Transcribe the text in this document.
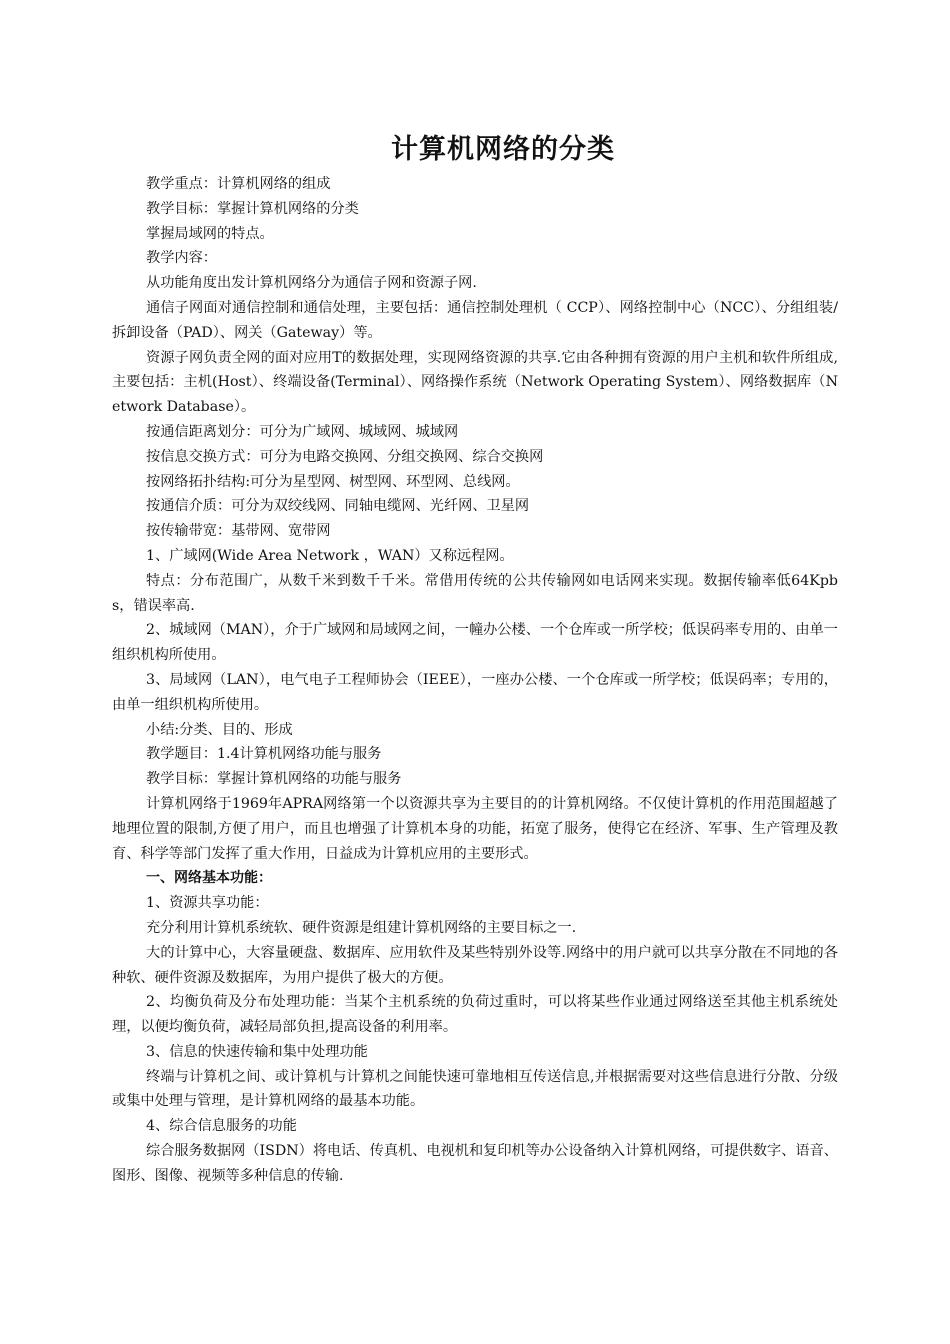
计算机网络的分类

教学重点：计算机网络的组成

教学目标：掌握计算机网络的分类

掌握局域网的特点。

教学内容：

从功能角度出发计算机网络分为通信子网和资源子网.

通信子网面对通信控制和通信处理，主要包括：通信控制处理机（ CCP）、网络控制中心（NCC）、分组组装/拆卸设备（PAD）、网关（Gateway）等。

资源子网负责全网的面对应用T的数据处理，实现网络资源的共享.它由各种拥有资源的用户主机和软件所组成,主要包括：主机(Host）、终端设备(Terminal）、网络操作系统（Network Operating System）、网络数据库（Network Database）。

按通信距离划分：可分为广域网、城域网、城域网

按信息交换方式：可分为电路交换网、分组交换网、综合交换网

按网络拓扑结构:可分为星型网、树型网、环型网、总线网。

按通信介质：可分为双绞线网、同轴电缆网、光纤网、卫星网

按传输带宽：基带网、宽带网

1、广域网(Wide Area Network ，WAN）又称远程网。

特点：分布范围广，从数千米到数千千米。常借用传统的公共传输网如电话网来实现。数据传输率低64Kpbs，错误率高.

2、城域网（MAN），介于广域网和局域网之间，一幢办公楼、一个仓库或一所学校；低误码率专用的、由单一组织机构所使用。

3、局域网（LAN），电气电子工程师协会（IEEE），一座办公楼、一个仓库或一所学校；低误码率；专用的，由单一组织机构所使用。

小结:分类、目的、形成

教学题目：1.4计算机网络功能与服务

教学目标：掌握计算机网络的功能与服务

计算机网络于1969年APRA网络第一个以资源共享为主要目的的计算机网络。不仅使计算机的作用范围超越了地理位置的限制,方便了用户，而且也增强了计算机本身的功能，拓宽了服务，使得它在经济、军事、生产管理及教育、科学等部门发挥了重大作用，日益成为计算机应用的主要形式。

一、网络基本功能：

1、资源共享功能：

充分利用计算机系统软、硬件资源是组建计算机网络的主要目标之一.

大的计算中心，大容量硬盘、数据库、应用软件及某些特别外设等.网络中的用户就可以共享分散在不同地的各种软、硬件资源及数据库，为用户提供了极大的方便。

2、均衡负荷及分布处理功能：当某个主机系统的负荷过重时，可以将某些作业通过网络送至其他主机系统处理，以便均衡负荷，减轻局部负担,提高设备的利用率。

3、信息的快速传输和集中处理功能

终端与计算机之间、或计算机与计算机之间能快速可靠地相互传送信息,并根据需要对这些信息进行分散、分级或集中处理与管理，是计算机网络的最基本功能。

4、综合信息服务的功能

综合服务数据网（ISDN）将电话、传真机、电视机和复印机等办公设备纳入计算机网络，可提供数字、语音、图形、图像、视频等多种信息的传输.
